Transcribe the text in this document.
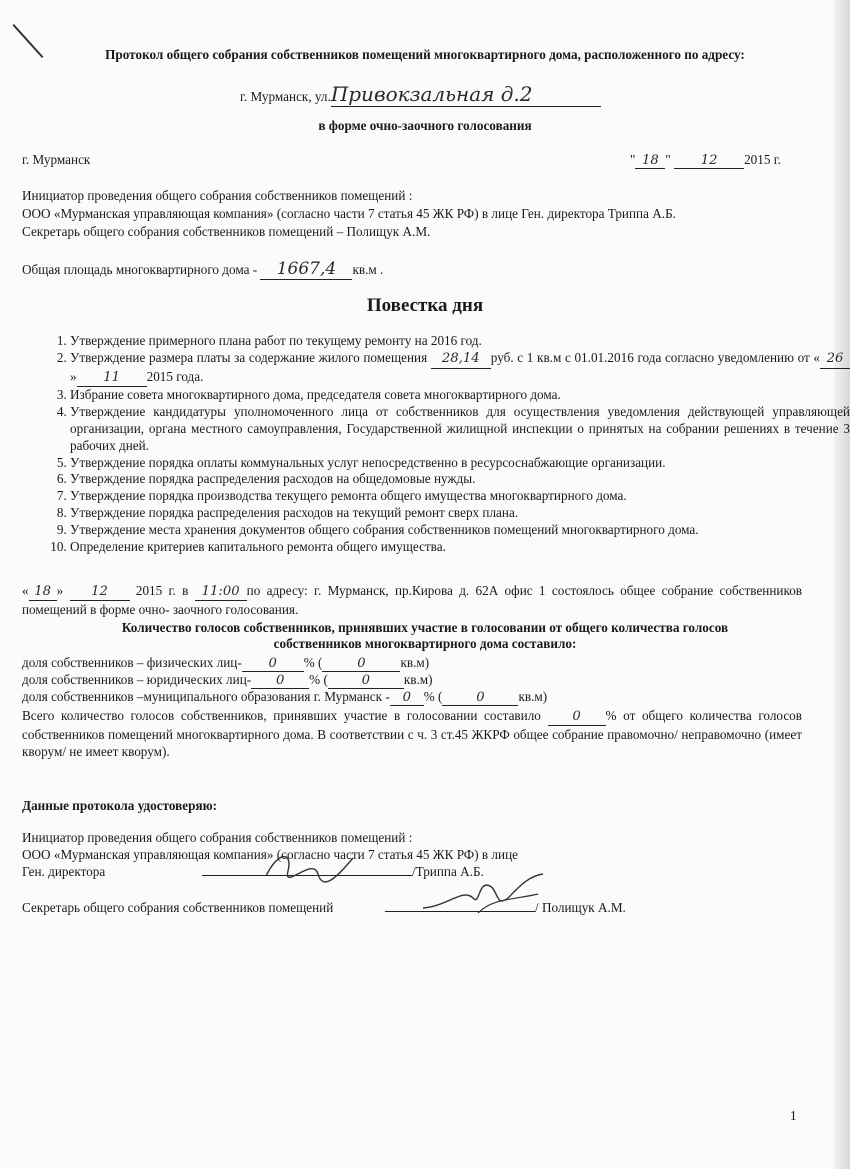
Протокол общего собрания собственников помещений многоквартирного дома, расположенного по адресу:
г. Мурманск, ул.Привокзальная д.2
в форме очно-заочного голосования
г. Мурманск	" 18 " 12 2015 г.
Инициатор проведения общего собрания собственников помещений :
ООО «Мурманская управляющая компания» (согласно части 7 статья 45 ЖК РФ) в лице Ген. директора Триппа А.Б.
Секретарь общего собрания собственников помещений – Полищук А.М.
Общая площадь многоквартирного дома - 1667,4 кв.м .
Повестка дня
1. Утверждение примерного плана работ по текущему ремонту на 2016 год.
2. Утверждение размера платы за содержание жилого помещения 28,14 руб. с 1 кв.м с 01.01.2016 года согласно уведомлению от « 26» 11 2015 года.
3. Избрание совета многоквартирного дома, председателя совета многоквартирного дома.
4. Утверждение кандидатуры уполномоченного лица от собственников для осуществления уведомления действующей управляющей организации, органа местного самоуправления, Государственной жилищной инспекции о принятых на собрании решениях в течение 3 рабочих дней.
5. Утверждение порядка оплаты коммунальных услуг непосредственно в ресурсоснабжающие организации.
6. Утверждение порядка распределения расходов на общедомовые нужды.
7. Утверждение порядка производства текущего ремонта общего имущества многоквартирного дома.
8. Утверждение порядка распределения расходов на текущий ремонт сверх плана.
9. Утверждение места хранения документов общего собрания собственников помещений многоквартирного дома.
10. Определение критериев капитального ремонта общего имущества.
« 18 » 12 2015 г. в 11:00 по адресу: г. Мурманск, пр.Кирова д. 62А офис 1 состоялось общее собрание собственников помещений в форме очно- заочного голосования.
Количество голосов собственников, принявших участие в голосовании от общего количества голосов
собственников многоквартирного дома составило:
доля собственников – физических лиц- 0 % (	0	кв.м)
доля собственников – юридических лиц- 0 % (	0	кв.м)
доля собственников –муниципального образования г. Мурманск - 0 % (	0	кв.м)
Всего количество голосов собственников, принявших участие в голосовании составило 0 % от общего количества голосов собственников помещений многоквартирного дома. В соответствии с ч. 3 ст.45 ЖКРФ общее собрание правомочно/ неправомочно (имеет кворум/ не имеет кворум).
Данные протокола удостоверяю:
Инициатор проведения общего собрания собственников помещений :
ООО «Мурманская управляющая компания» (согласно части 7 статья 45 ЖК РФ) в лице
Ген. директора	/Триппа А.Б.
Секретарь общего собрания собственников помещений	/ Полищук А.М.
1
